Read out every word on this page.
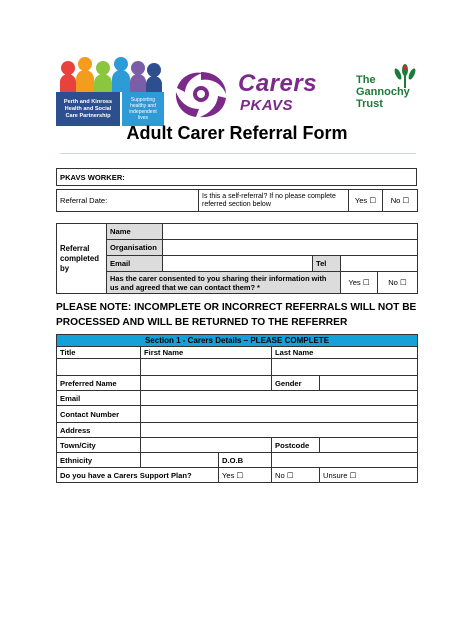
Perth and Kinross
Health and Social
Care Partnership
Supporting
healthy and
independent
lives
Carers
PKAVS
The
Gannochy
Trust
Adult Carer Referral Form
PKAVS WORKER:
Referral Date:	Is this a self-referral? If no please complete referred section below	Yes ☐	No ☐
Referral completed by	Name				
	Organisation				
	Email		Tel		
	Has the carer consented to you sharing their information with us and agreed that we can contact them? *			Yes ☐	No ☐
PLEASE NOTE: INCOMPLETE OR INCORRECT REFERRALS WILL NOT BE PROCESSED AND WILL BE RETURNED TO THE REFERRER
Section 1 - Carers Details – PLEASE COMPLETE				
Title	First Name		Last Name	

Preferred Name			Gender	
Email				
Contact Number				
Address				
Town/City			Postcode	
Ethnicity		D.O.B		
Do you have a Carers Support Plan?		Yes ☐	No ☐	Unsure ☐
